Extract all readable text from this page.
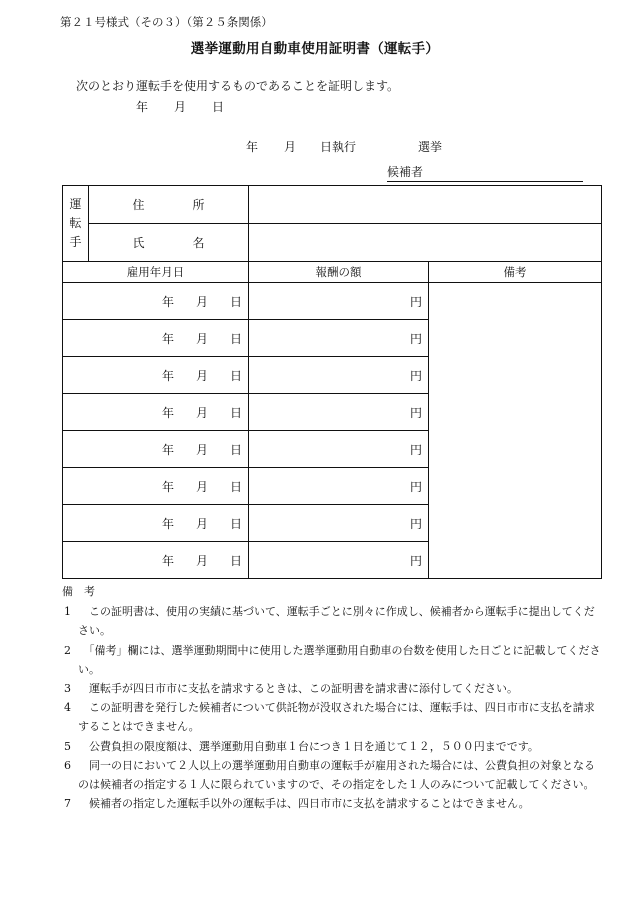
第２１号様式（その３）（第２５条関係）
選挙運動用自動車使用証明書（運転手）
次のとおり運転手を使用するものであることを証明します。
年 月 日
年 月 日執行	選挙
候補者
運
転
手	住 所		
	氏 名		
雇用年月日		報酬の額	備考
年 月 日		円	
年 月 日		円	
年 月 日		円	
年 月 日		円	
年 月 日		円	
年 月 日		円	
年 月 日		円	
年 月 日		円	
備　考
1 　この証明書は、使用の実績に基づいて、運転手ごとに別々に作成し、候補者から運転手に提出してください。
2 　「備考」欄には、選挙運動期間中に使用した選挙運動用自動車の台数を使用した日ごとに記載してください。
3 　運転手が四日市市に支払を請求するときは、この証明書を請求書に添付してください。
4 　この証明書を発行した候補者について供託物が没収された場合には、運転手は、四日市市に支払を請求することはできません。
5 　公費負担の限度額は、選挙運動用自動車１台につき１日を通じて１２，５００円までです。
6 　同一の日において２人以上の選挙運動用自動車の運転手が雇用された場合には、公費負担の対象となるのは候補者の指定する１人に限られていますので、その指定をした１人のみについて記載してください。
7 　候補者の指定した運転手以外の運転手は、四日市市に支払を請求することはできません。
